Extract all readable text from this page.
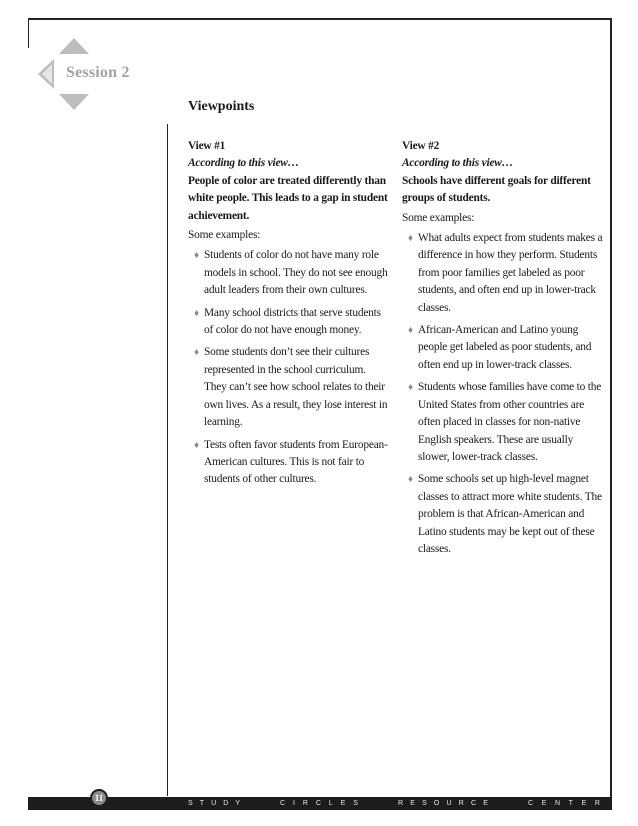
Session 2
Viewpoints
View #1
According to this view…
People of color are treated differently than white people. This leads to a gap in student achievement.
Some examples:
♦ Students of color do not have many role models in school. They do not see enough adult leaders from their own cultures.
♦ Many school districts that serve students of color do not have enough money.
♦ Some students don’t see their cultures represented in the school curriculum. They can’t see how school relates to their own lives. As a result, they lose interest in learning.
♦ Tests often favor students from European-American cultures. This is not fair to students of other cultures.
View #2
According to this view…
Schools have different goals for different groups of students.
Some examples:
♦ What adults expect from students makes a difference in how they perform. Students from poor families get labeled as poor students, and often end up in lower-track classes.
♦ African-American and Latino young people get labeled as poor students, and often end up in lower-track classes.
♦ Students whose families have come to the United States from other countries are often placed in classes for non-native English speakers. These are usually slower, lower-track classes.
♦ Some schools set up high-level magnet classes to attract more white students. The problem is that African-American and Latino students may be kept out of these classes.
S T U D Y	C I R C L E S	R E S O U R C E	C E N T E R
11
